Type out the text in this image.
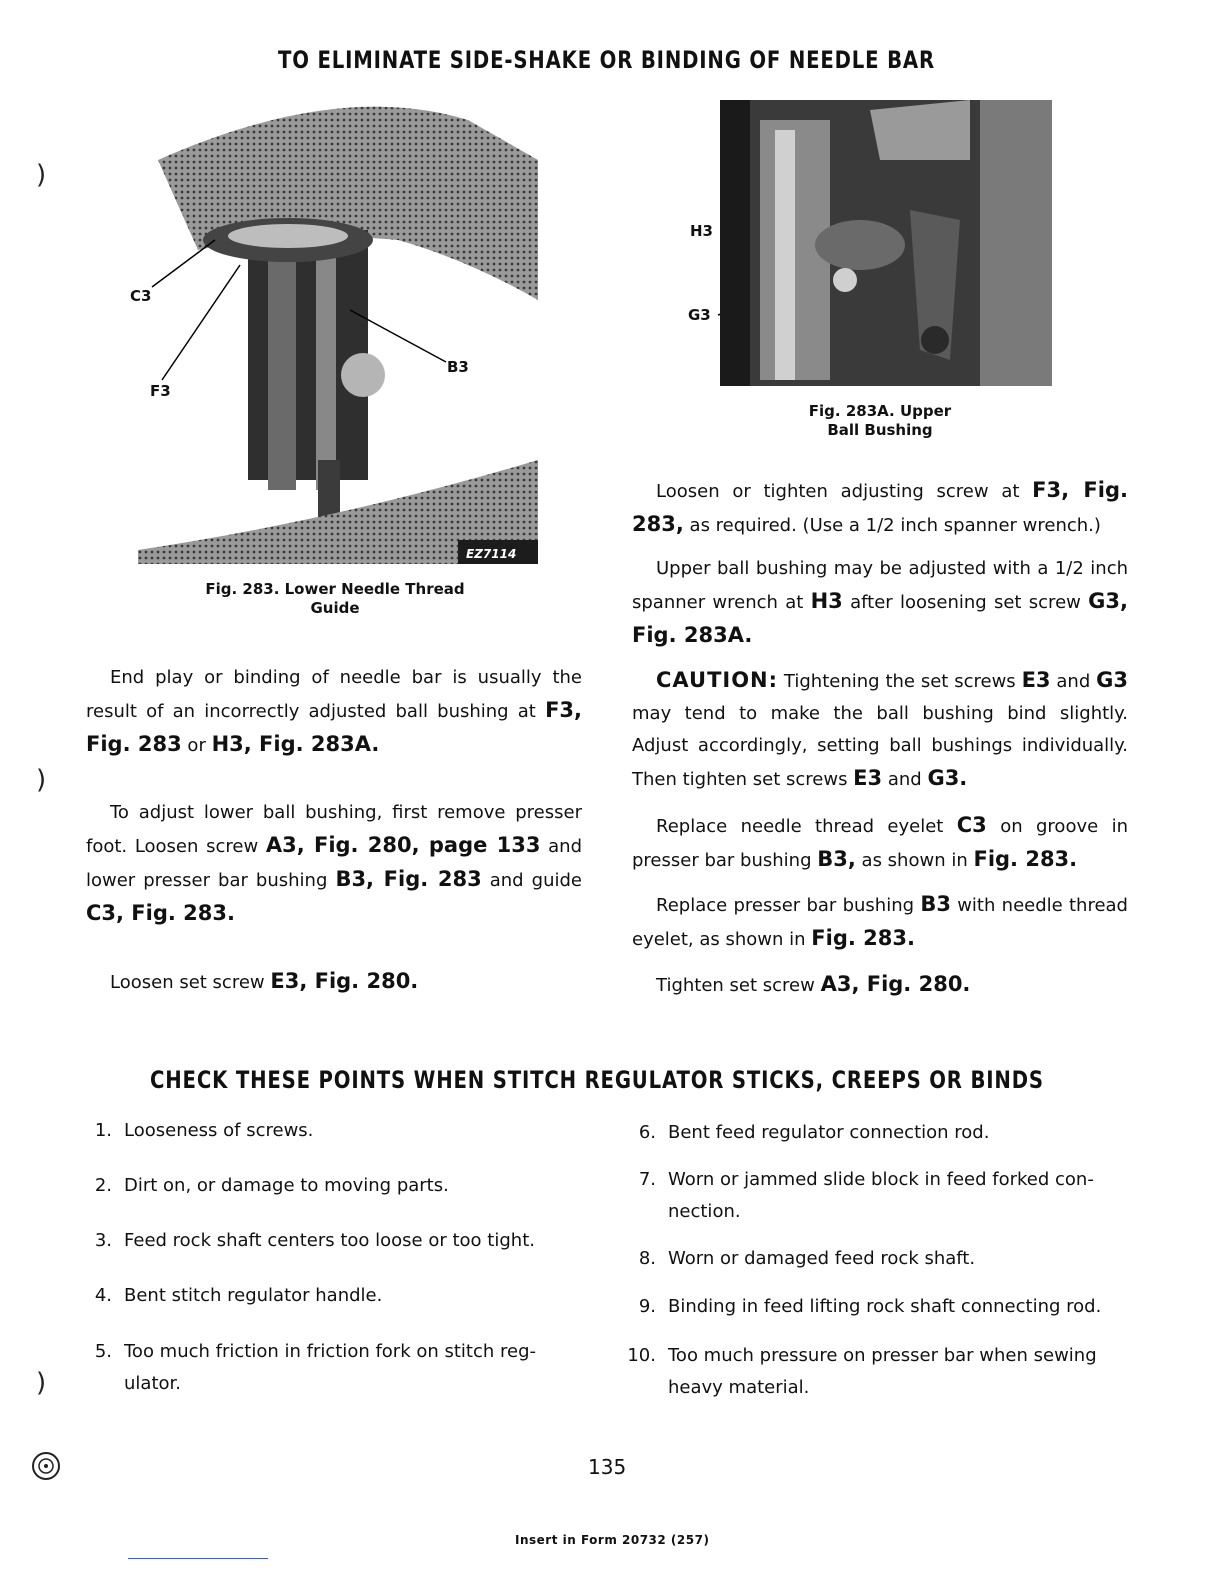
TO ELIMINATE SIDE-SHAKE OR BINDING OF NEEDLE BAR
)
)
)
EZ7114
C3
F3
B3
Fig. 283. Lower Needle Thread
Guide
H3
G3
Fig. 283A. Upper
Ball Bushing
End play or binding of needle bar is usually the result of an incorrectly adjusted ball bushing at F3, Fig. 283 or H3, Fig. 283A.
To adjust lower ball bushing, first remove presser foot. Loosen screw A3, Fig. 280, page 133 and lower presser bar bushing B3, Fig. 283 and guide C3, Fig. 283.
Loosen set screw E3, Fig. 280.
Loosen or tighten adjusting screw at F3, Fig. 283, as required. (Use a 1/2 inch spanner wrench.)
Upper ball bushing may be adjusted with a 1/2 inch spanner wrench at H3 after loosening set screw G3, Fig. 283A.
CAUTION: Tightening the set screws E3 and G3 may tend to make the ball bushing bind slightly. Adjust accordingly, setting ball bushings individually. Then tighten set screws E3 and G3.
Replace needle thread eyelet C3 on groove in presser bar bushing B3, as shown in Fig. 283.
Replace presser bar bushing B3 with needle thread eyelet, as shown in Fig. 283.
Tighten set screw A3, Fig. 280.
CHECK THESE POINTS WHEN STITCH REGULATOR STICKS, CREEPS OR BINDS
1. Looseness of screws.
2. Dirt on, or damage to moving parts.
3. Feed rock shaft centers too loose or too tight.
4. Bent stitch regulator handle.
5. Too much friction in friction fork on stitch reg-
ulator.
6. Bent feed regulator connection rod.
7. Worn or jammed slide block in feed forked con-
nection.
8. Worn or damaged feed rock shaft.
9. Binding in feed lifting rock shaft connecting rod.
10. Too much pressure on presser bar when sewing
heavy material.
135
Insert in Form 20732 (257)
